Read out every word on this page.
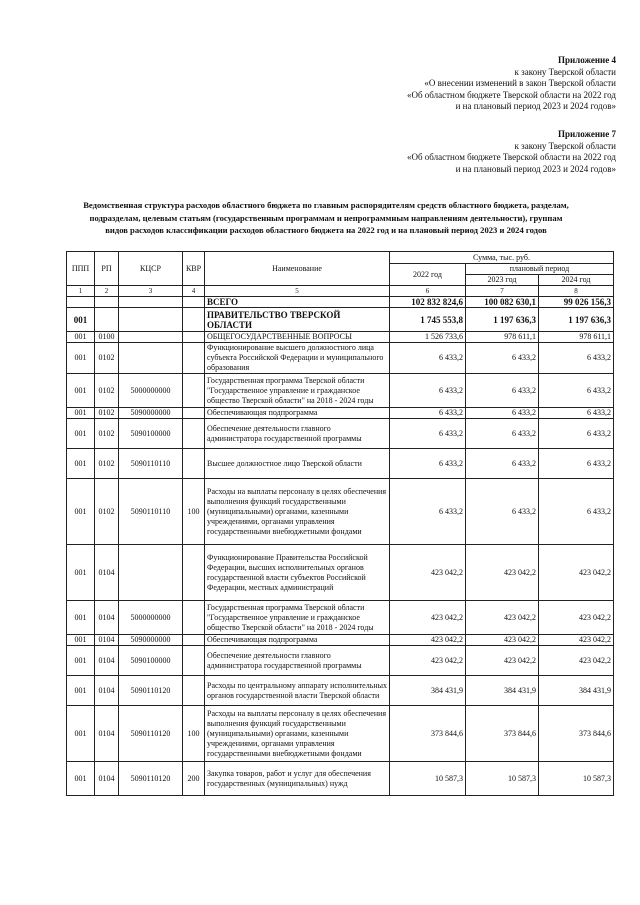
Приложение 4
к закону Тверской области
«О внесении изменений в закон Тверской области
«Об областном бюджете Тверской области на 2022 год
и на плановый период 2023 и 2024 годов»
Приложение 7
к закону Тверской области
«Об областном бюджете Тверской области на 2022 год
и на плановый период 2023 и 2024 годов»
Ведомственная структура расходов областного бюджета по главным распорядителям средств областного бюджета, разделам,
подразделам, целевым статьям (государственным программам и непрограммным направлениям деятельности), группам
видов расходов классификации расходов областного бюджета на 2022 год и на плановый период 2023 и 2024 годов
ППП	РП	КЦСР	КВР	Наименование	Сумма, тыс. руб.		
					2022 год	плановый период	
						2023 год	2024 год
1	2	3	4	5	6	7	8
				ВСЕГО	102 832 824,6	100 082 630,1	99 026 156,3
001				ПРАВИТЕЛЬСТВО ТВЕРСКОЙ ОБЛАСТИ	1 745 553,8	1 197 636,3	1 197 636,3
001	0100			ОБЩЕГОСУДАРСТВЕННЫЕ ВОПРОСЫ	1 526 733,6	978 611,1	978 611,1
001	0102			Функционирование высшего должностного лица субъекта Российской Федерации и муниципального образования	6 433,2	6 433,2	6 433,2
001	0102	5000000000		Государственная программа Тверской области "Государственное управление и гражданское общество Тверской области" на 2018 - 2024 годы	6 433,2	6 433,2	6 433,2
001	0102	5090000000		Обеспечивающая подпрограмма	6 433,2	6 433,2	6 433,2
001	0102	5090100000		Обеспечение деятельности главного администратора государственной программы	6 433,2	6 433,2	6 433,2
001	0102	5090110110		Высшее должностное лицо Тверской области	6 433,2	6 433,2	6 433,2
001	0102	5090110110	100	Расходы на выплаты персоналу в целях обеспечения выполнения функций государственными (муниципальными) органами, казенными учреждениями, органами управления государственными внебюджетными фондами	6 433,2	6 433,2	6 433,2
001	0104			Функционирование Правительства Российской Федерации, высших исполнительных органов государственной власти субъектов Российской Федерации, местных администраций	423 042,2	423 042,2	423 042,2
001	0104	5000000000		Государственная программа Тверской области "Государственное управление и гражданское общество Тверской области" на 2018 - 2024 годы	423 042,2	423 042,2	423 042,2
001	0104	5090000000		Обеспечивающая подпрограмма	423 042,2	423 042,2	423 042,2
001	0104	5090100000		Обеспечение деятельности главного администратора государственной программы	423 042,2	423 042,2	423 042,2
001	0104	5090110120		Расходы по центральному аппарату исполнительных органов государственной власти Тверской области	384 431,9	384 431,9	384 431,9
001	0104	5090110120	100	Расходы на выплаты персоналу в целях обеспечения выполнения функций государственными (муниципальными) органами, казенными учреждениями, органами управления государственными внебюджетными фондами	373 844,6	373 844,6	373 844,6
001	0104	5090110120	200	Закупка товаров, работ и услуг для обеспечения государственных (муниципальных) нужд	10 587,3	10 587,3	10 587,3
